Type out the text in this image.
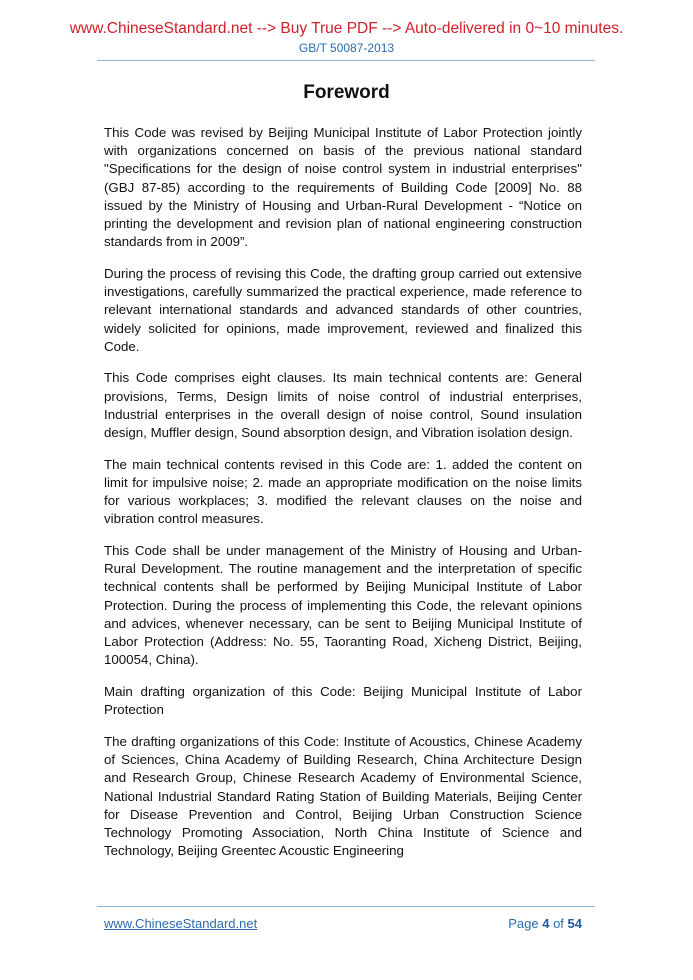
www.ChineseStandard.net --> Buy True PDF --> Auto-delivered in 0~10 minutes.
GB/T 50087-2013
Foreword

This Code was revised by Beijing Municipal Institute of Labor Protection jointly with organizations concerned on basis of the previous national standard "Specifications for the design of noise control system in industrial enterprises" (GBJ 87-85) according to the requirements of Building Code [2009] No. 88 issued by the Ministry of Housing and Urban-Rural Development - “Notice on printing the development and revision plan of national engineering construction standards from in 2009”.

During the process of revising this Code, the drafting group carried out extensive investigations, carefully summarized the practical experience, made reference to relevant international standards and advanced standards of other countries, widely solicited for opinions, made improvement, reviewed and finalized this Code.

This Code comprises eight clauses. Its main technical contents are: General provisions, Terms, Design limits of noise control of industrial enterprises, Industrial enterprises in the overall design of noise control, Sound insulation design, Muffler design, Sound absorption design, and Vibration isolation design.

The main technical contents revised in this Code are: 1. added the content on limit for impulsive noise; 2. made an appropriate modification on the noise limits for various workplaces; 3. modified the relevant clauses on the noise and vibration control measures.

This Code shall be under management of the Ministry of Housing and Urban-Rural Development. The routine management and the interpretation of specific technical contents shall be performed by Beijing Municipal Institute of Labor Protection. During the process of implementing this Code, the relevant opinions and advices, whenever necessary, can be sent to Beijing Municipal Institute of Labor Protection (Address: No. 55, Taoranting Road, Xicheng District, Beijing, 100054, China).

Main drafting organization of this Code: Beijing Municipal Institute of Labor Protection

The drafting organizations of this Code: Institute of Acoustics, Chinese Academy of Sciences, China Academy of Building Research, China Architecture Design and Research Group, Chinese Research Academy of Environmental Science, National Industrial Standard Rating Station of Building Materials, Beijing Center for Disease Prevention and Control, Beijing Urban Construction Science Technology Promoting Association, North China Institute of Science and Technology, Beijing Greentec Acoustic Engineering

www.ChineseStandard.net	Page 4 of 54
